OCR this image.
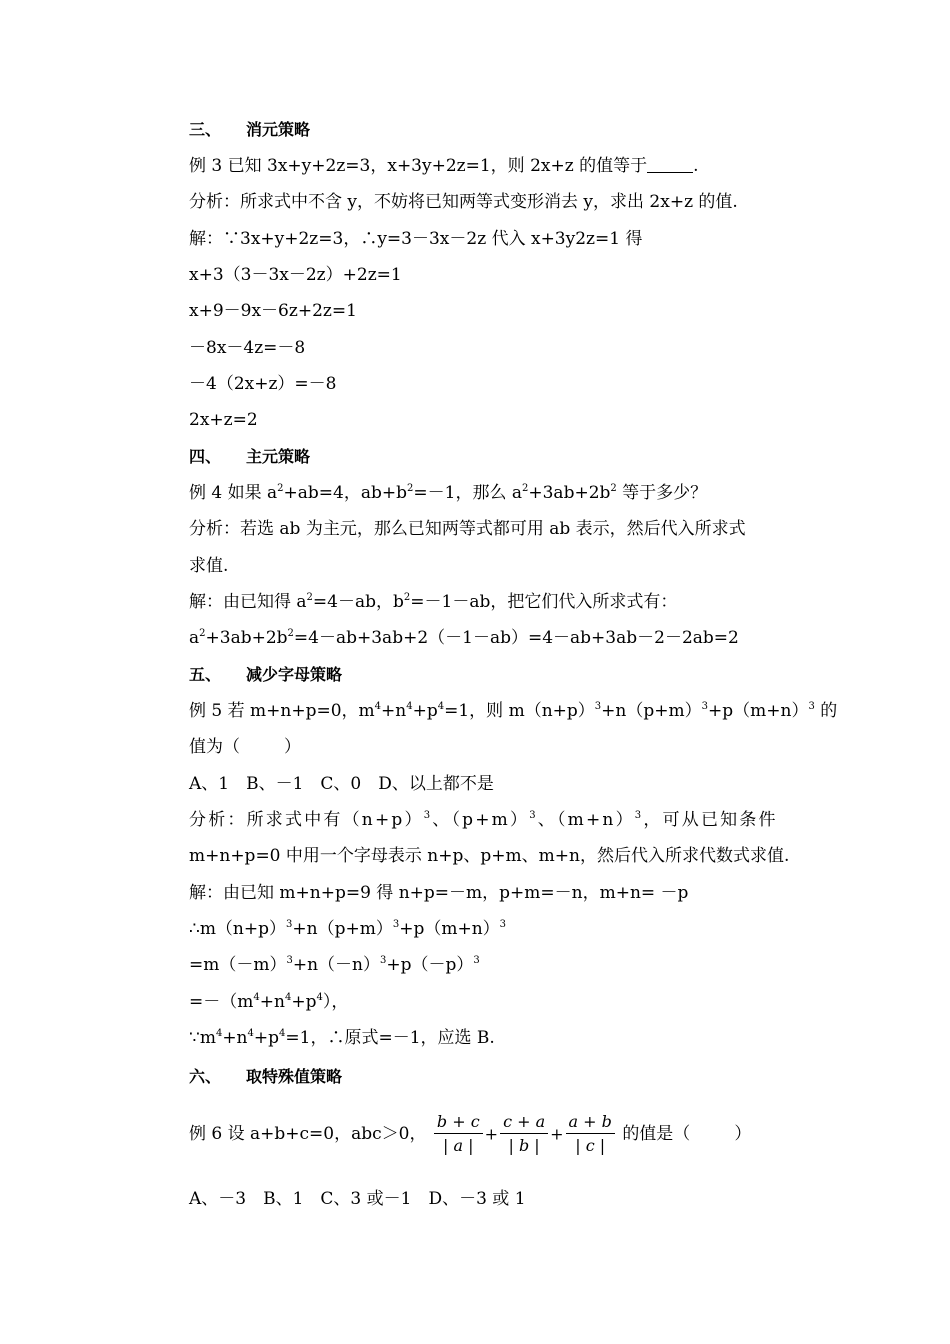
三、 消元策略
例 3 已知 3x+y+2z=3，x+3y+2z=1，则 2x+z 的值等于	.
分析：所求式中不含 y，不妨将已知两等式变形消去 y，求出 2x+z 的值.
解：∵3x+y+2z=3，∴y=3－3x－2z 代入 x+3y2z=1 得
x+3（3－3x－2z）+2z=1
x+9－9x－6z+2z=1
－8x－4z=－8
－4（2x+z）=－8
2x+z=2
四、 主元策略
例 4 如果 $a^2+ab=4$，$ab+b^2=-1$，那么 $a^2+3ab+2b^2$ 等于多少？
分析：若选 ab 为主元，那么已知两等式都可用 ab 表示，然后代入所求式
求值.
解：由已知得 $a^2=4-ab$，$b^2=-1-ab$，把它们代入所求式有：
$a^2+3ab+2b^2=4-ab+3ab+2(-1-ab)=4-ab+3ab-2-2ab=2$
五、 减少字母策略
例 5 若 m+n+p=0，$m^4+n^4+p^4=1$，则 $m(n+p)^3+n(p+m)^3+p(m+n)^3$ 的
值为（	）
A、1　B、－1　C、0　D、以上都不是
分析：所求式中有$(n+p)^3$、$(p+m)^3$、$(m+n)^3$，可从已知条件
m+n+p=0 中用一个字母表示 n+p、p+m、m+n，然后代入所求代数式求值.
解：由已知 m+n+p=9 得 n+p=－m，p+m=－n，m+n= －p
$\therefore m(n+p)^3+n(p+m)^3+p(m+n)^3$
$=m(-m)^3+n(-n)^3+p(-p)^3$
$=-(m^4+n^4+p^4)$，
$\because m^4+n^4+p^4=1$，∴原式=－1，应选 B.
六、 取特殊值策略
例 6 设 a+b+c=0，abc＞0， $\frac{b + c}{| a |} + \frac{c + a}{| b |} + \frac{a + b}{| c |}$ 的值是（	）
A、－3　B、1　C、3 或－1　D、－3 或 1
